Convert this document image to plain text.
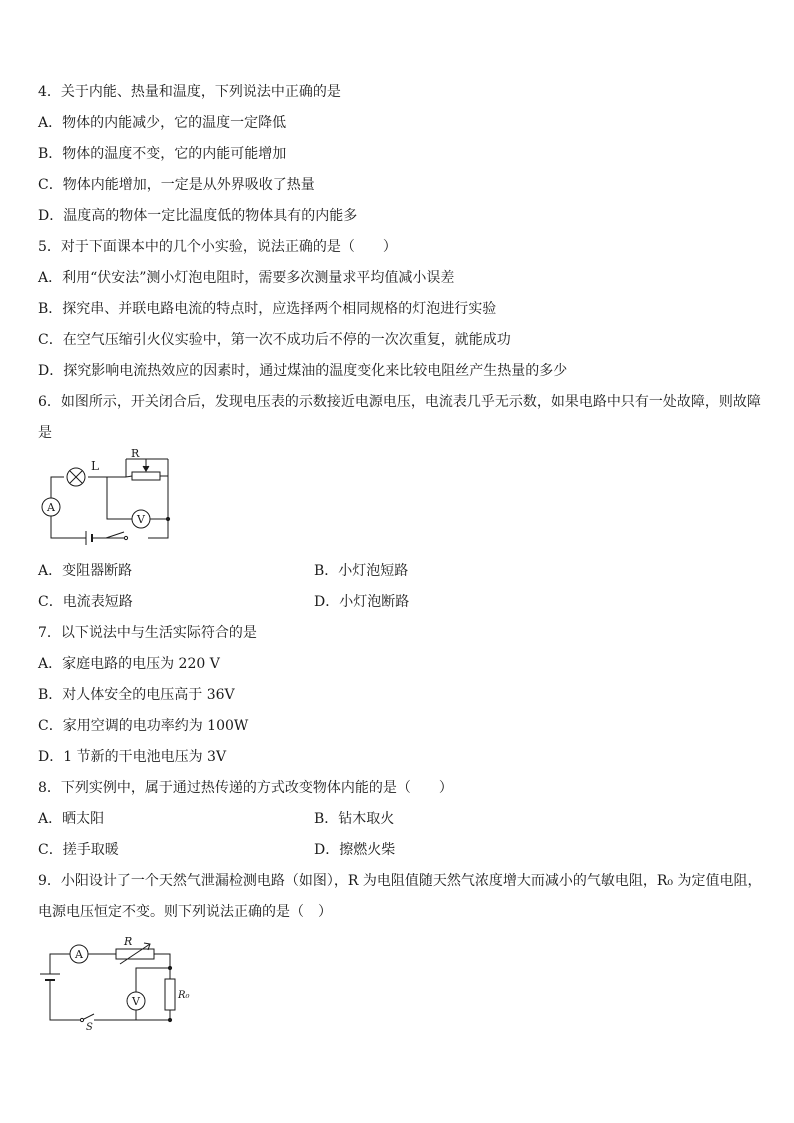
4．关于内能、热量和温度，下列说法中正确的是
A．物体的内能减少，它的温度一定降低
B．物体的温度不变，它的内能可能增加
C．物体内能增加，一定是从外界吸收了热量
D．温度高的物体一定比温度低的物体具有的内能多
5．对于下面课本中的几个小实验，说法正确的是（　　）
A．利用“伏安法”测小灯泡电阻时，需要多次测量求平均值减小误差
B．探究串、并联电路电流的特点时，应选择两个相同规格的灯泡进行实验
C．在空气压缩引火仪实验中，第一次不成功后不停的一次次重复，就能成功
D．探究影响电流热效应的因素时，通过煤油的温度变化来比较电阻丝产生热量的多少
6．如图所示，开关闭合后，发现电压表的示数接近电源电压，电流表几乎无示数，如果电路中只有一处故障，则故障是
A
L
R
V
A．变阻器断路	B．小灯泡短路
C．电流表短路	D．小灯泡断路
7．以下说法中与生活实际符合的是
A．家庭电路的电压为 220 V
B．对人体安全的电压高于 36V
C．家用空调的电功率约为 100W
D．1 节新的干电池电压为 3V
8．下列实例中，属于通过热传递的方式改变物体内能的是（　　）
A．晒太阳	B．钻木取火
C．搓手取暖	D．擦燃火柴
9．小阳设计了一个天然气泄漏检测电路（如图），R 为电阻值随天然气浓度增大而减小的气敏电阻，R₀ 为定值电阻，电源电压恒定不变。则下列说法正确的是（　）
A
R
R₀
V
S
